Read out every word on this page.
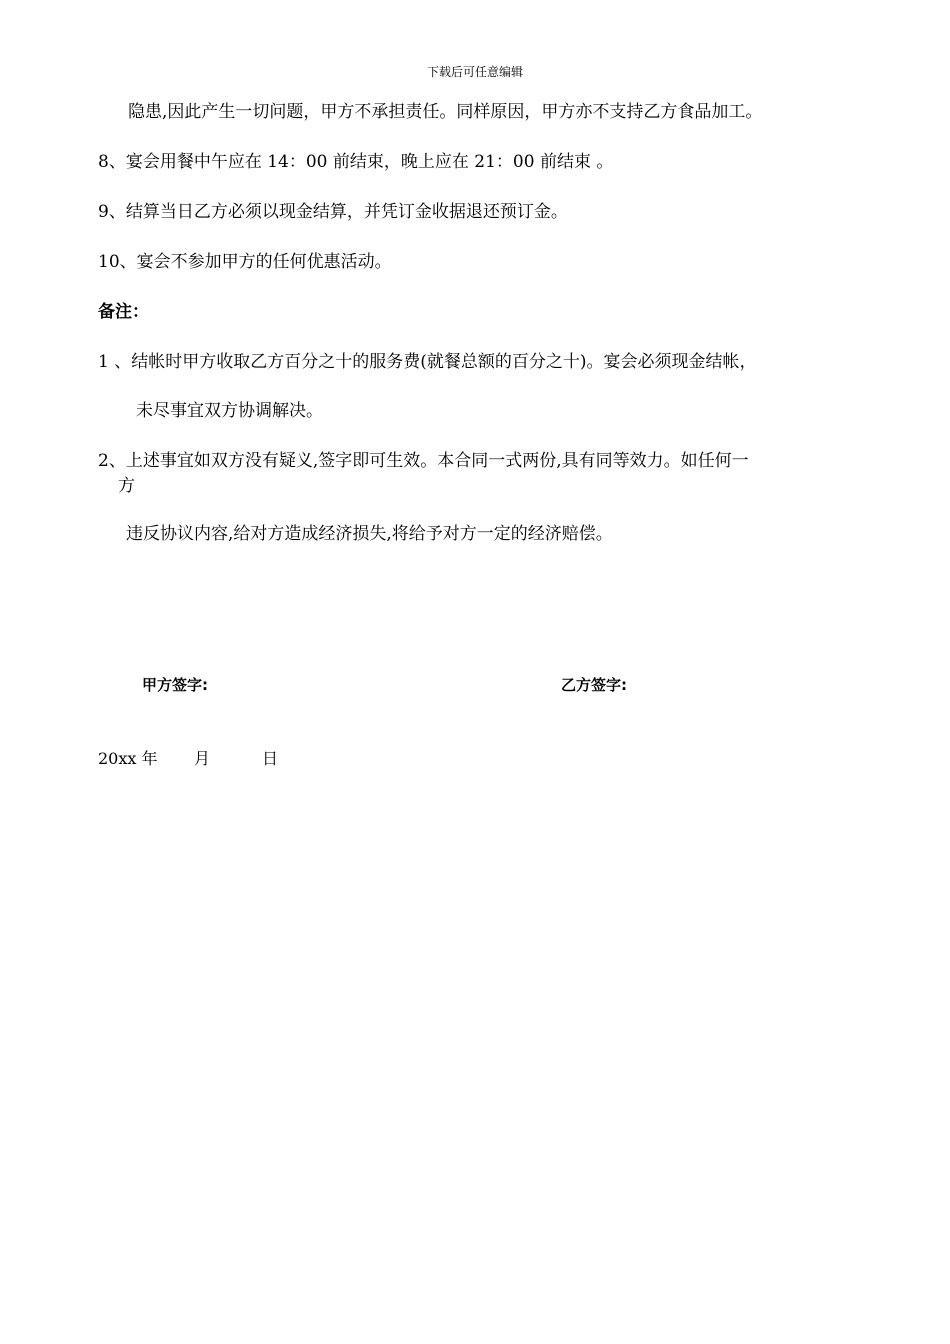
下载后可任意编辑
隐患,因此产生一切问题，甲方不承担责任。同样原因，甲方亦不支持乙方食品加工。
8、宴会用餐中午应在 14：00 前结束，晚上应在 21：00 前结束 。
9、结算当日乙方必须以现金结算，并凭订金收据退还预订金。
10、宴会不参加甲方的任何优惠活动。
备注：
1 、结帐时甲方收取乙方百分之十的服务费(就餐总额的百分之十)。宴会必须现金结帐，
未尽事宜双方协调解决。
2、上述事宜如双方没有疑义,签字即可生效。本合同一式两份,具有同等效力。如任何一
方
违反协议内容,给对方造成经济损失,将给予对方一定的经济赔偿。
甲方签字:	乙方签字:
20xx 年 月	日
